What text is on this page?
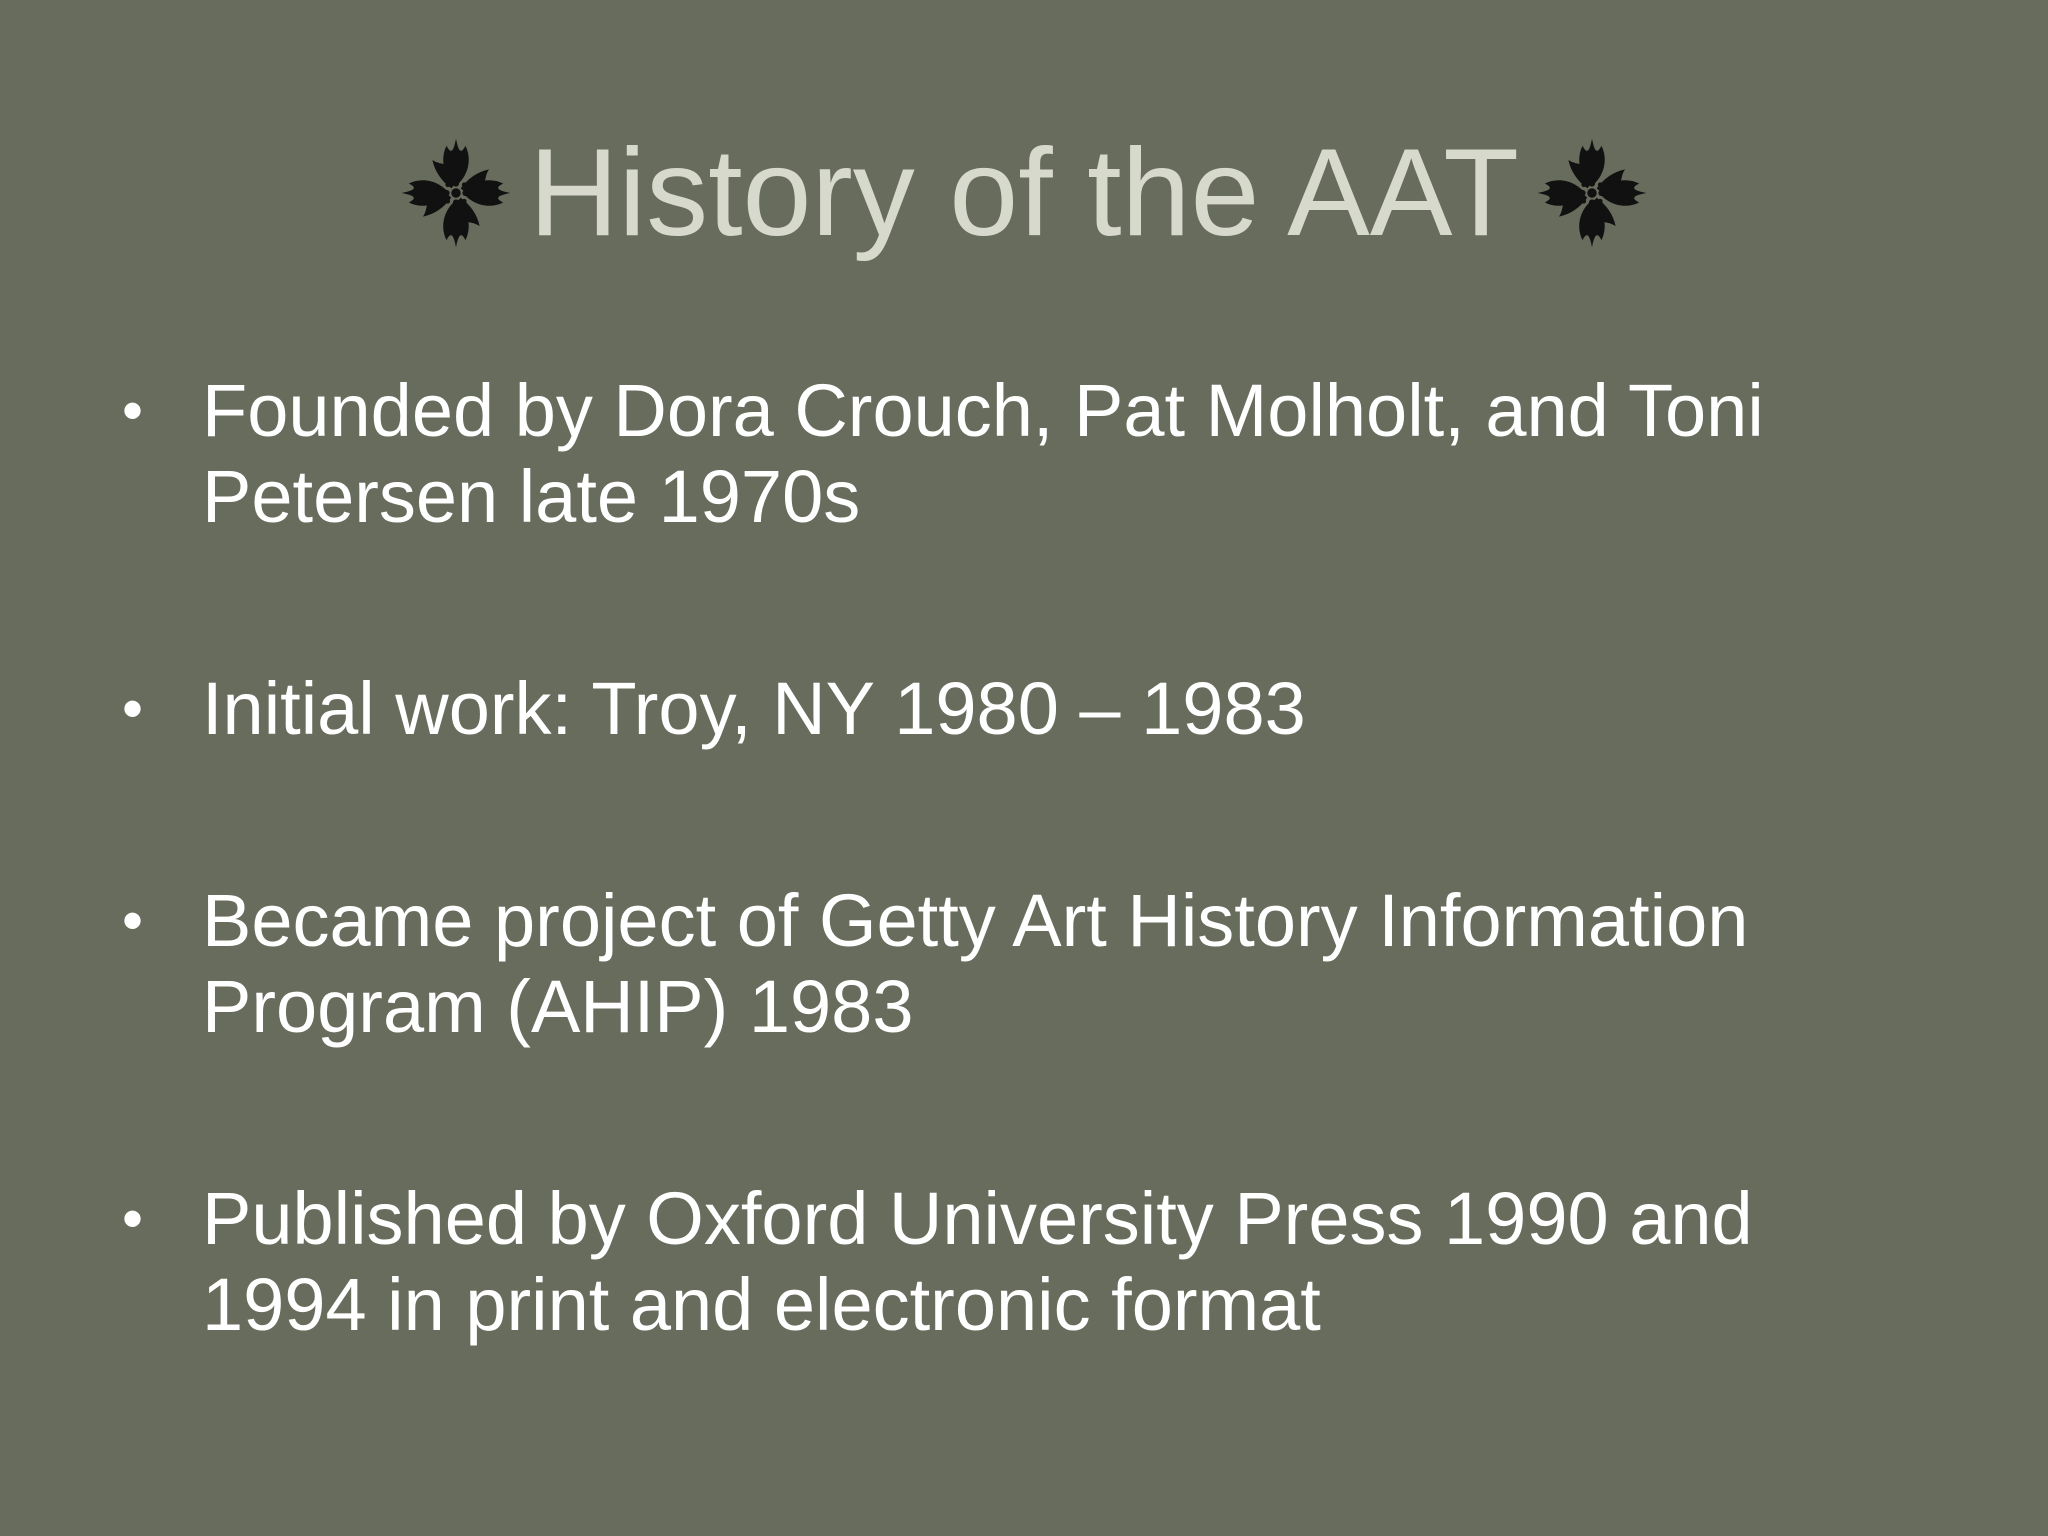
History of the AAT
• Founded by Dora Crouch, Pat Molholt, and Toni
Petersen late 1970s
• Initial work: Troy, NY 1980 – 1983
• Became project of Getty Art History Information
Program (AHIP) 1983
• Published by Oxford University Press 1990 and
1994 in print and electronic format
